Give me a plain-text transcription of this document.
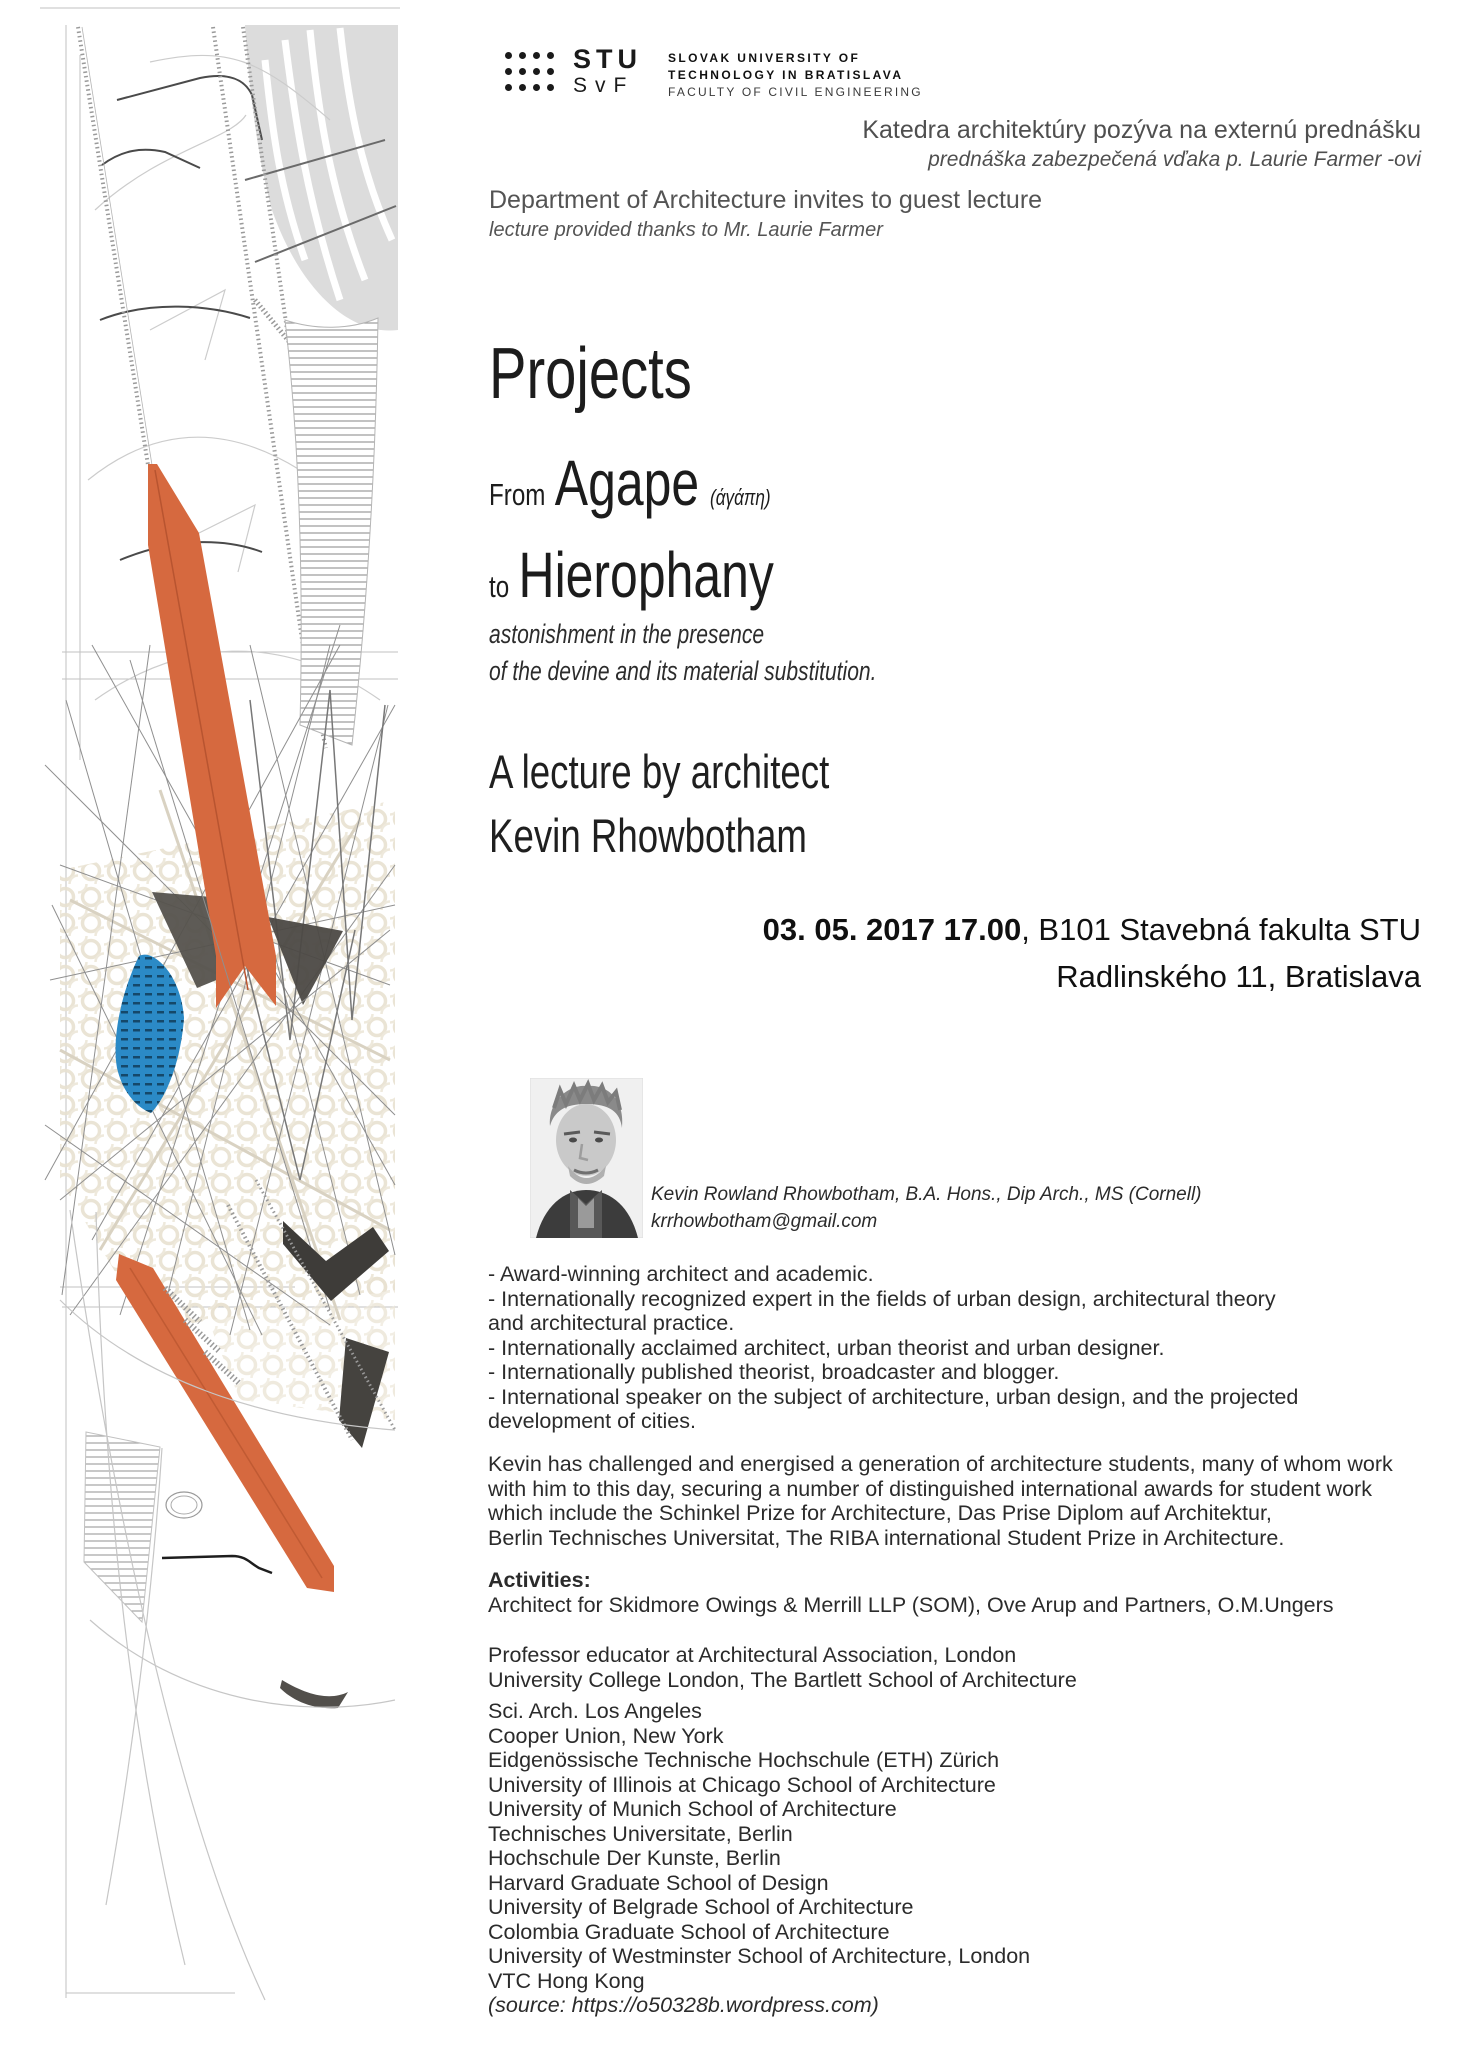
STU
SvF
SLOVAK UNIVERSITY OF
TECHNOLOGY IN BRATISLAVA
FACULTY OF CIVIL ENGINEERING
Katedra architektúry pozýva na externú prednášku
prednáška zabezpečená vďaka p. Laurie Farmer -ovi
Department of Architecture invites to guest lecture
lecture provided thanks to Mr. Laurie Farmer
Projects
From Agape (άγάπη)
to Hierophany
astonishment in the presence
of the devine and its material substitution.
A lecture by architect
Kevin Rhowbotham
03. 05. 2017 17.00, B101 Stavebná fakulta STU
Radlinského 11, Bratislava
Kevin Rowland Rhowbotham, B.A. Hons., Dip Arch., MS (Cornell)
krrhowbotham@gmail.com
- Award-winning architect and academic.
- Internationally recognized expert in the fields of urban design, architectural theory
and architectural practice.
- Internationally acclaimed architect, urban theorist and urban designer.
- Internationally published theorist, broadcaster and blogger.
- International speaker on the subject of architecture, urban design, and the projected
development of cities.
Kevin has challenged and energised a generation of architecture students, many of whom work
with him to this day, securing a number of distinguished international awards for student work
which include the Schinkel Prize for Architecture, Das Prise Diplom auf Architektur,
Berlin Technisches Universitat, The RIBA international Student Prize in Architecture.
Activities:
Architect for Skidmore Owings & Merrill LLP (SOM), Ove Arup and Partners, O.M.Ungers
Professor educator at Architectural Association, London
University College London, The Bartlett School of Architecture
Sci. Arch. Los Angeles
Cooper Union, New York
Eidgenössische Technische Hochschule (ETH) Zürich
University of Illinois at Chicago School of Architecture
University of Munich School of Architecture
Technisches Universitate, Berlin
Hochschule Der Kunste, Berlin
Harvard Graduate School of Design
University of Belgrade School of Architecture
Colombia Graduate School of Architecture
University of Westminster School of Architecture, London
VTC Hong Kong
(source: https://o50328b.wordpress.com)
